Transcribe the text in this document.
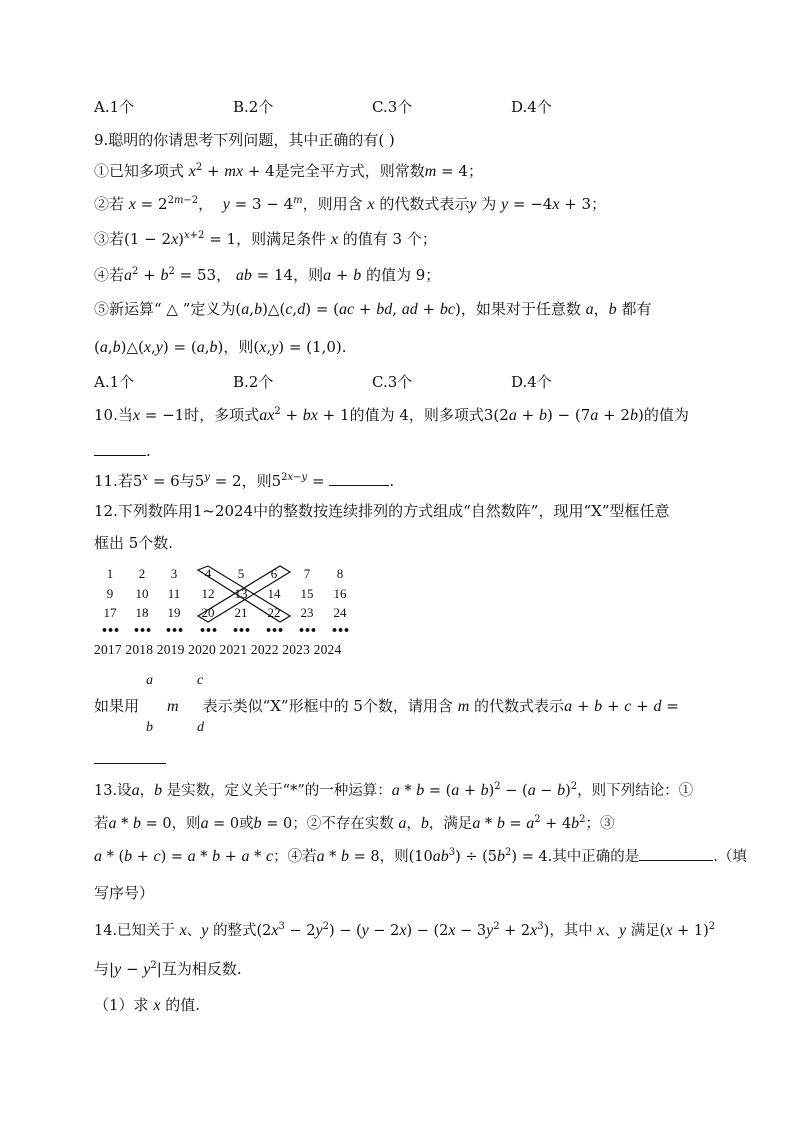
A.1个	B.2个	C.3个	D.4个
9.聪明的你请思考下列问题，其中正确的有( )
①已知多项式 $x^2$ + mx + 4是完全平方式，则常数m = 4；
②若 $x = 2^{2m-2}$， $y = 3 - 4^m$，则用含 x 的代数式表示y 为 y = −4x + 3；
③若$(1 - 2x)^{x+2} = 1$，则满足条件 x 的值有 3 个；
④若$a^2 + b^2 = 53$， ab = 14，则a + b 的值为 9；
⑤新运算“ △ ”定义为(a,b)△(c,d) = (ac + bd, ad + bc)，如果对于任意数 a，b 都有
(a,b)△(x,y) = (a,b)，则(x,y) = (1,0).
A.1个	B.2个	C.3个	D.4个
10.当x = −1时，多项式$ax^2$ + bx + 1的值为 4，则多项式3(2a + b) − (7a + 2b)的值为
.
11.若$5^x = 6$与$5^y = 2$，则$5^{2x-y}$ =	.
12.下列数阵用1~2024中的整数按连续排列的方式组成“自然数阵”，现用“X”型框任意
框出 5个数.
1	2	3	4	5	6	7	8
9	10	11	12	13	14	15	16
17	18	19	20	21	22	23	24
•••	•••	•••	•••	•••	•••	•••	•••
2017 2018 2019 2020 2021 2022 2023 2024
a	c
如果用 m 表示类似“X”形框中的 5个数，请用含 m 的代数式表示a + b + c + d =
b	d
13.设a，b 是实数，定义关于“*”的一种运算：$a * b = (a + b)^2 - (a - b)^2$，则下列结论：①
若a * b = 0，则a = 0或b = 0；②不存在实数 a，b，满足$a * b = a^2 + 4b^2$；③
a * (b + c) = a * b + a * c；④若a * b = 8，则$(10ab^3) \div (5b^2) = 4$.其中正确的是	.（填
写序号）
14.已知关于 x、y 的整式$(2x^3 - 2y^2) - (y - 2x) - (2x - 3y^2 + 2x^3)$，其中 x、y 满足$(x + 1)^2$
与$|y - y^2|$互为相反数.
（1）求 x 的值.
